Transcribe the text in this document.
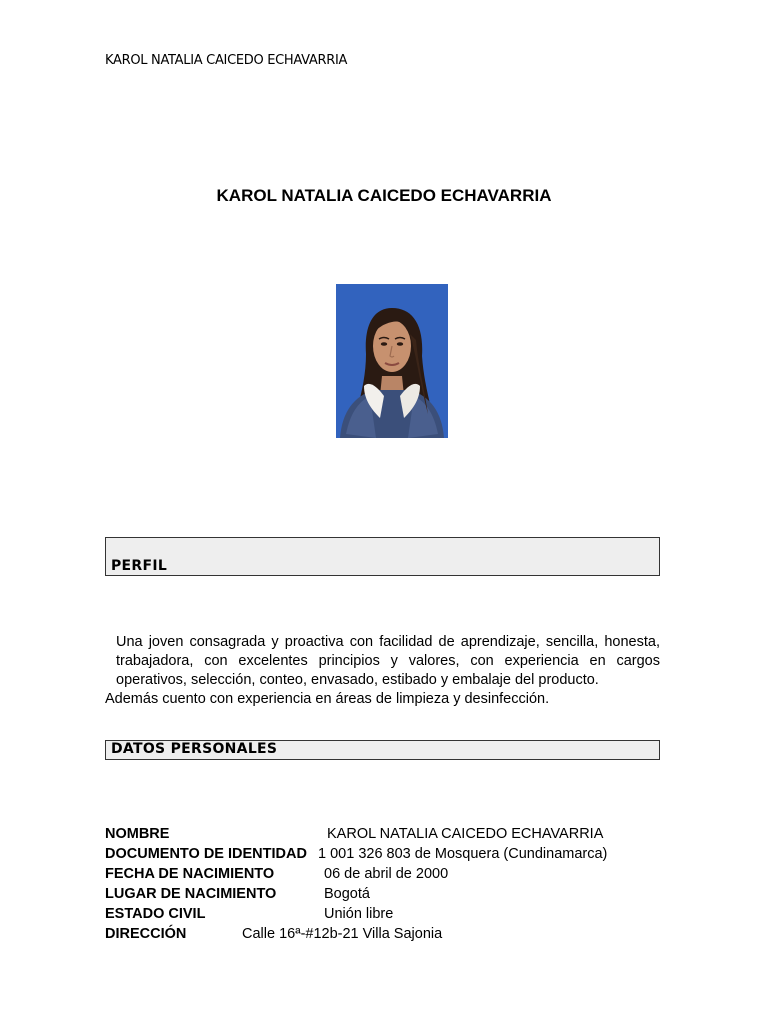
KAROL NATALIA CAICEDO ECHAVARRIA
KAROL NATALIA CAICEDO ECHAVARRIA
PERFIL

Una joven consagrada y proactiva con facilidad de aprendizaje, sencilla, honesta, trabajadora, con excelentes principios y valores, con experiencia en cargos operativos, selección, conteo, envasado, estibado y embalaje del producto.

Además cuento con experiencia en áreas de limpieza y desinfección.

DATOS PERSONALES
NOMBRE	KAROL NATALIA CAICEDO ECHAVARRIA
DOCUMENTO DE IDENTIDAD 1 001 326 803 de Mosquera (Cundinamarca)
FECHA DE NACIMIENTO	06 de abril de 2000
LUGAR DE NACIMIENTO	Bogotá
ESTADO CIVIL	Unión libre
DIRECCIÓN	Calle 16ª-#12b-21 Villa Sajonia
